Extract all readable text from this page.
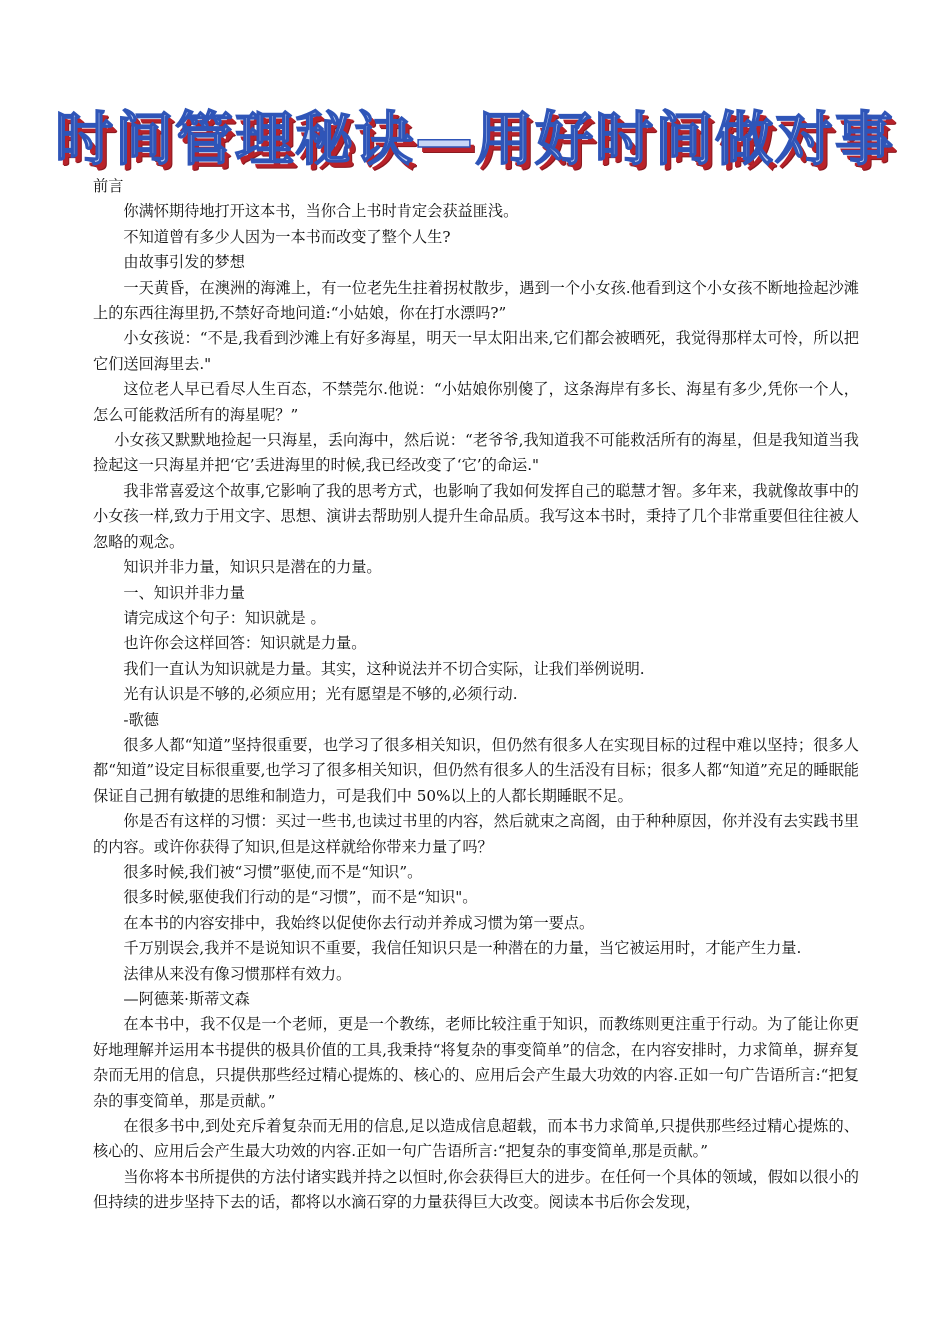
时间管理秘诀—用好时间做对事

前言

你满怀期待地打开这本书，当你合上书时肯定会获益匪浅。

不知道曾有多少人因为一本书而改变了整个人生?

由故事引发的梦想

一天黄昏，在澳洲的海滩上，有一位老先生拄着拐杖散步，遇到一个小女孩.他看到这个小女孩不断地捡起沙滩上的东西往海里扔,不禁好奇地问道:“小姑娘，你在打水漂吗?”

小女孩说：“不是,我看到沙滩上有好多海星，明天一早太阳出来,它们都会被晒死，我觉得那样太可怜，所以把它们送回海里去."

这位老人早已看尽人生百态，不禁莞尔.他说：“小姑娘你别傻了，这条海岸有多长、海星有多少,凭你一个人，怎么可能救活所有的海星呢？”

小女孩又默默地捡起一只海星，丢向海中，然后说：“老爷爷,我知道我不可能救活所有的海星，但是我知道当我捡起这一只海星并把‘它’丢进海里的时候,我已经改变了‘它’的命运."

我非常喜爱这个故事,它影响了我的思考方式，也影响了我如何发挥自己的聪慧才智。多年来，我就像故事中的小女孩一样,致力于用文字、思想、演讲去帮助别人提升生命品质。我写这本书时，秉持了几个非常重要但往往被人忽略的观念。

知识并非力量，知识只是潜在的力量。

一、知识并非力量

请完成这个句子：知识就是 。

也许你会这样回答：知识就是力量。

我们一直认为知识就是力量。其实，这种说法并不切合实际，让我们举例说明.

光有认识是不够的,必须应用；光有愿望是不够的,必须行动.

-歌德

很多人都“知道”坚持很重要，也学习了很多相关知识，但仍然有很多人在实现目标的过程中难以坚持；很多人都“知道”设定目标很重要,也学习了很多相关知识，但仍然有很多人的生活没有目标；很多人都“知道”充足的睡眠能保证自己拥有敏捷的思维和制造力，可是我们中 50%以上的人都长期睡眠不足。

你是否有这样的习惯：买过一些书,也读过书里的内容，然后就束之高阁，由于种种原因，你并没有去实践书里的内容。或许你获得了知识,但是这样就给你带来力量了吗？

很多时候,我们被“习惯”驱使,而不是“知识”。

很多时候,驱使我们行动的是“习惯”，而不是“知识"。

在本书的内容安排中，我始终以促使你去行动并养成习惯为第一要点。

千万别误会,我并不是说知识不重要，我信任知识只是一种潜在的力量，当它被运用时，才能产生力量.

法律从来没有像习惯那样有效力。

—阿德莱·斯蒂文森

在本书中，我不仅是一个老师，更是一个教练，老师比较注重于知识，而教练则更注重于行动。为了能让你更好地理解并运用本书提供的极具价值的工具,我秉持“将复杂的事变简单”的信念，在内容安排时，力求简单，摒弃复杂而无用的信息，只提供那些经过精心提炼的、核心的、应用后会产生最大功效的内容.正如一句广告语所言:“把复杂的事变简单，那是贡献。”

在很多书中,到处充斥着复杂而无用的信息,足以造成信息超载，而本书力求简单,只提供那些经过精心提炼的、核心的、应用后会产生最大功效的内容.正如一句广告语所言:“把复杂的事变简单,那是贡献。”

当你将本书所提供的方法付诸实践并持之以恒时,你会获得巨大的进步。在任何一个具体的领域，假如以很小的但持续的进步坚持下去的话，都将以水滴石穿的力量获得巨大改变。阅读本书后你会发现，
